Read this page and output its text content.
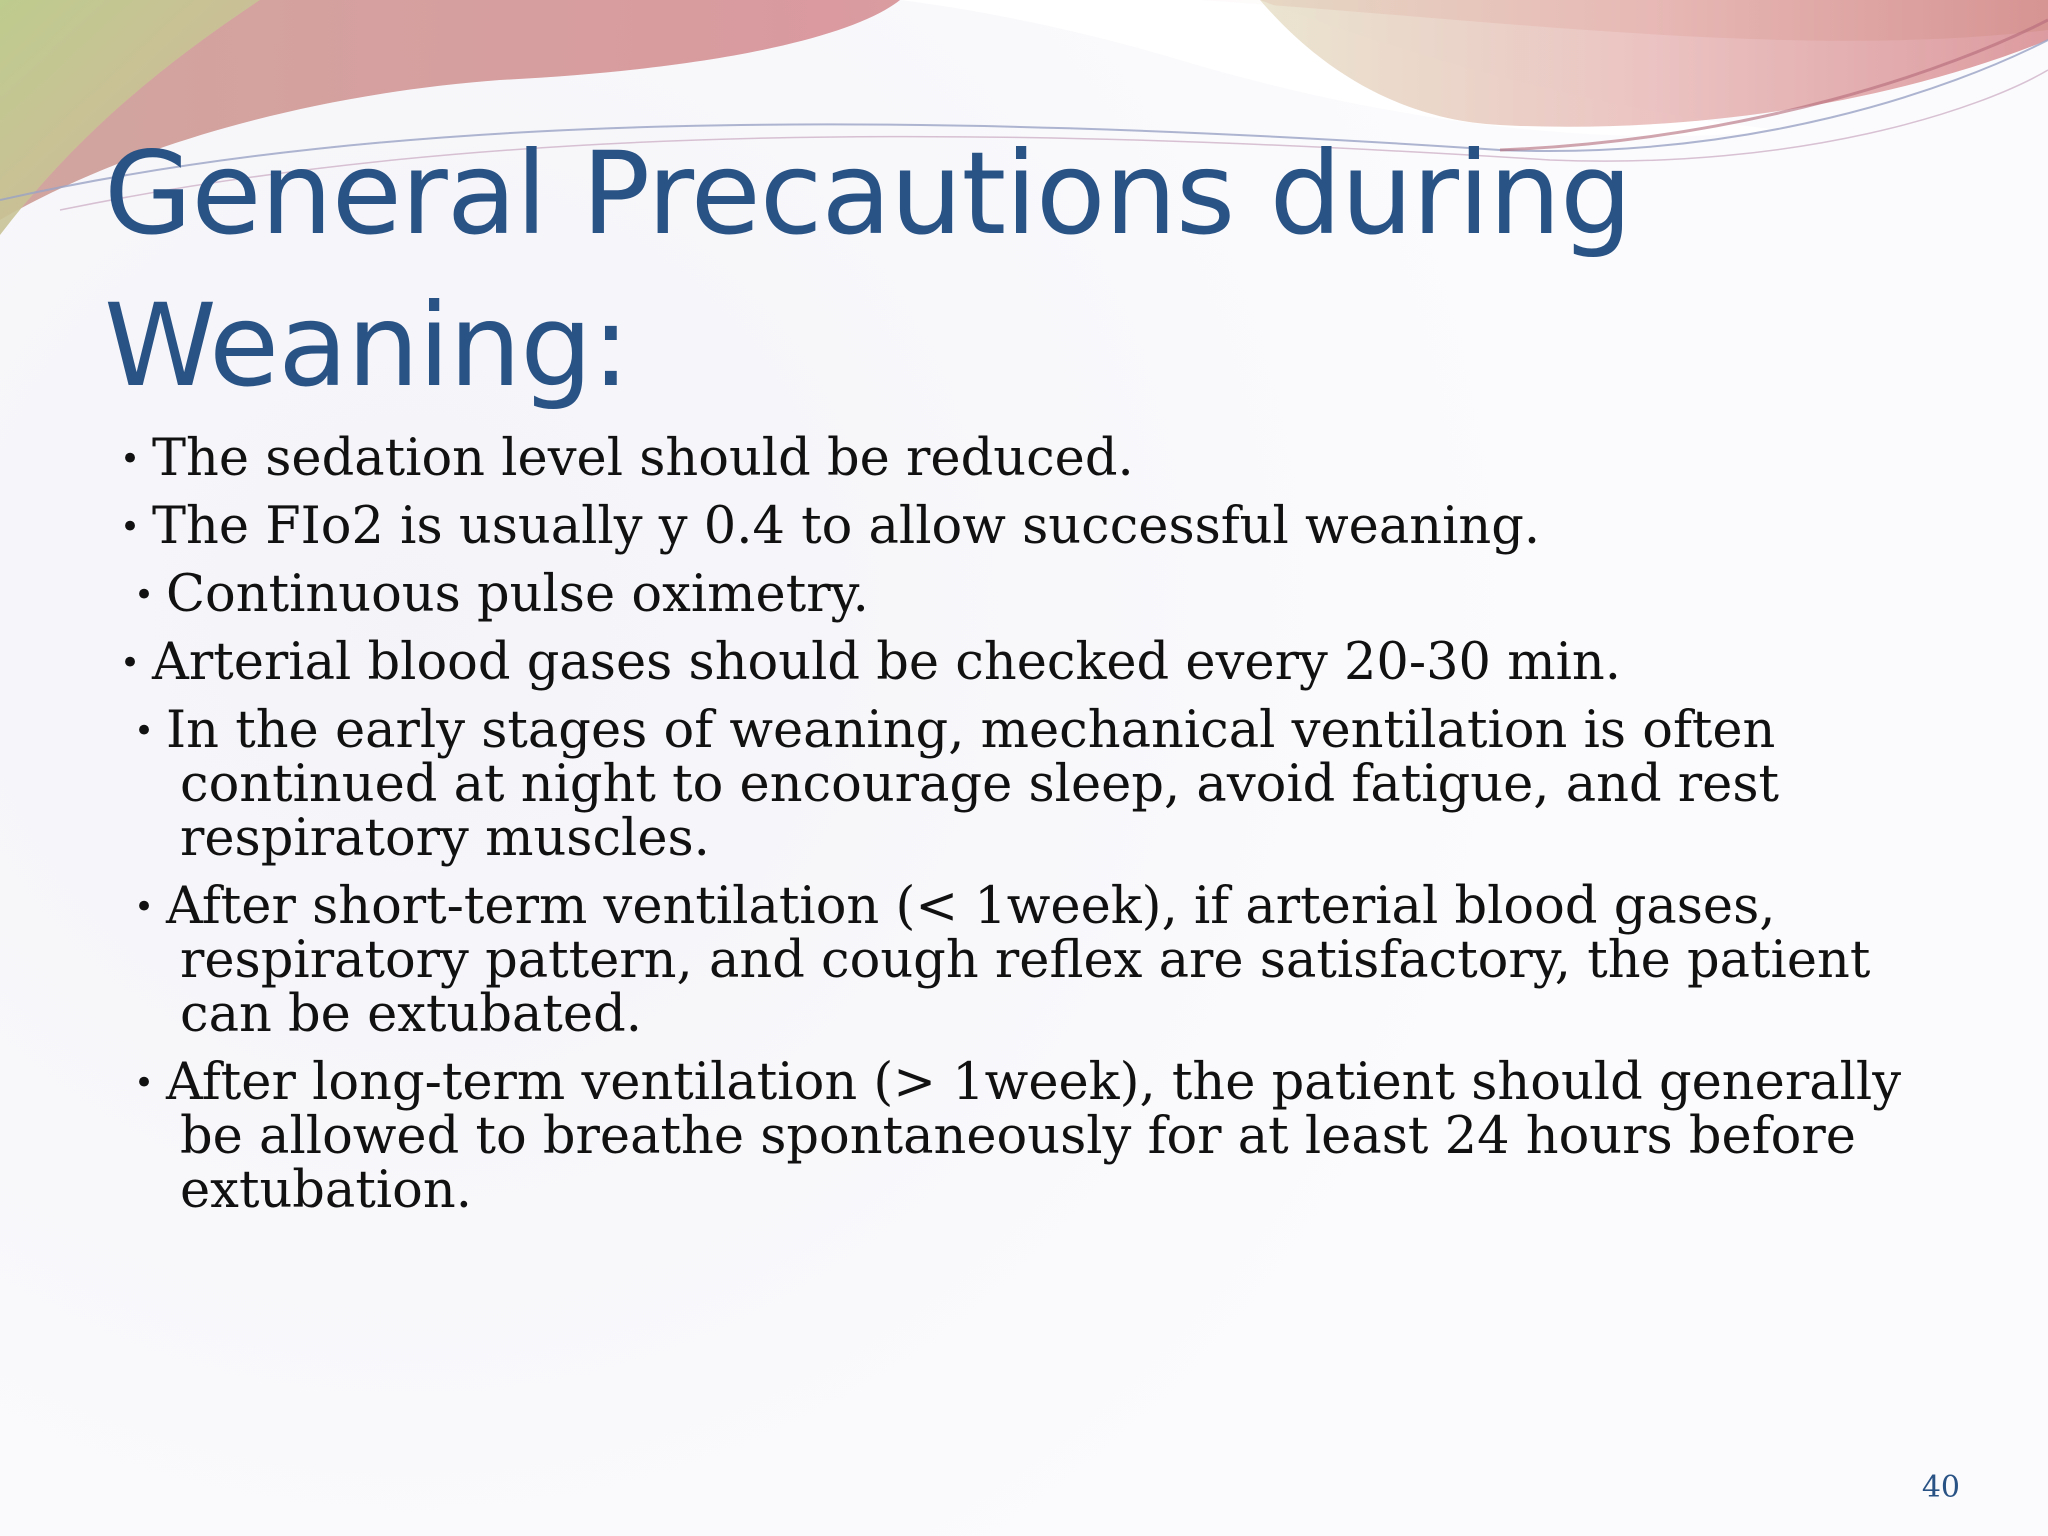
General Precautions during Weaning:
• The sedation level should be reduced.
• The FIo2 is usually y 0.4 to allow successful weaning.
• Continuous pulse oximetry.
• Arterial blood gases should be checked every 20-30 min.
• In the early stages of weaning, mechanical ventilation is often continued at night to encourage sleep, avoid fatigue, and rest respiratory muscles.
• After short-term ventilation (< 1week), if arterial blood gases, respiratory pattern, and cough reflex are satisfactory, the patient can be extubated.
• After long-term ventilation (> 1week), the patient should generally be allowed to breathe spontaneously for at least 24 hours before extubation.
40
